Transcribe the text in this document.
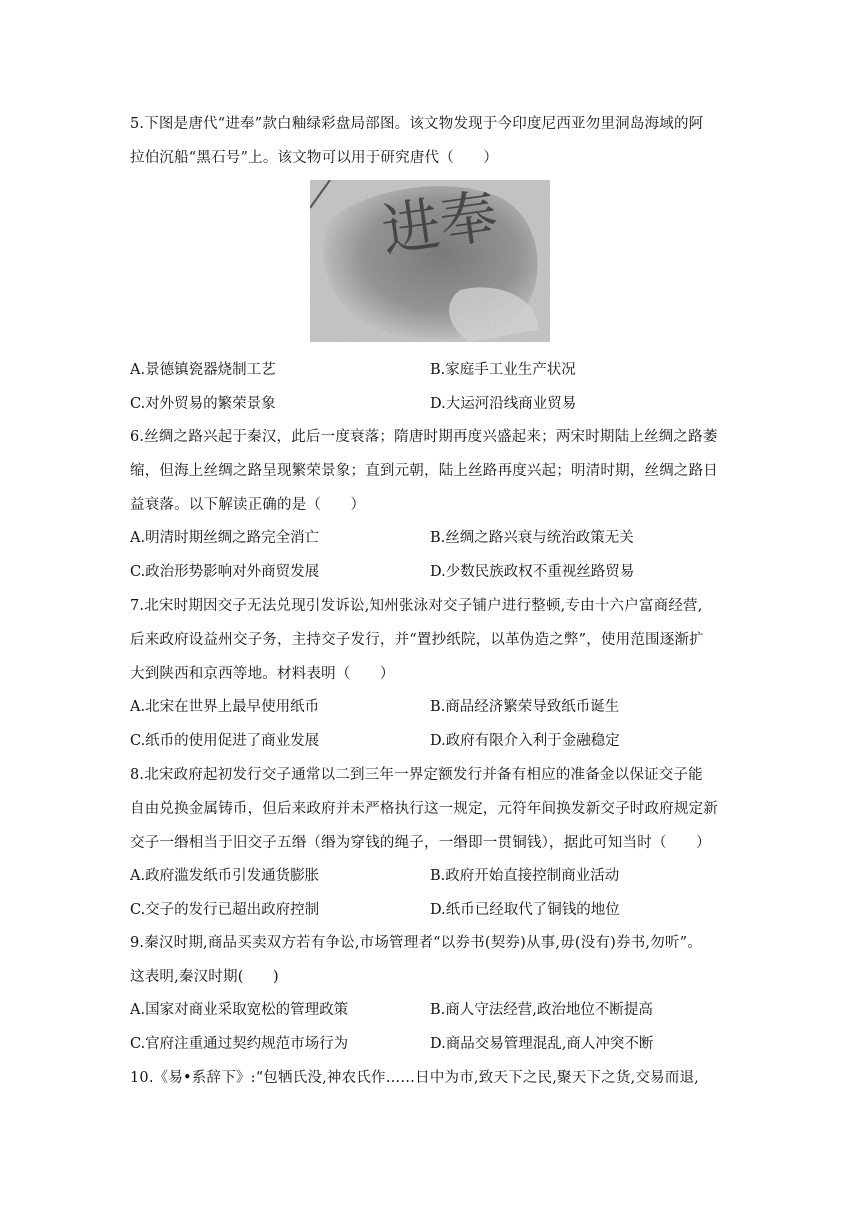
5.下图是唐代“进奉”款白釉绿彩盘局部图。该文物发现于今印度尼西亚勿里洞岛海域的阿
拉伯沉船“黑石号”上。该文物可以用于研究唐代（　　）
进奉
A.景德镇瓷器烧制工艺	B.家庭手工业生产状况
C.对外贸易的繁荣景象	D.大运河沿线商业贸易
6.丝绸之路兴起于秦汉，此后一度衰落；隋唐时期再度兴盛起来；两宋时期陆上丝绸之路萎
缩，但海上丝绸之路呈现繁荣景象；直到元朝，陆上丝路再度兴起；明清时期，丝绸之路日
益衰落。以下解读正确的是（　　）
A.明清时期丝绸之路完全消亡	B.丝绸之路兴衰与统治政策无关
C.政治形势影响对外商贸发展	D.少数民族政权不重视丝路贸易
7.北宋时期因交子无法兑现引发诉讼,知州张泳对交子铺户进行整顿,专由十六户富商经营,
后来政府设益州交子务，主持交子发行，并“置抄纸院，以革伪造之弊”，使用范围逐渐扩
大到陕西和京西等地。材料表明（　　）
A.北宋在世界上最早使用纸币	B.商品经济繁荣导致纸币诞生
C.纸币的使用促进了商业发展	D.政府有限介入利于金融稳定
8.北宋政府起初发行交子通常以二到三年一界定额发行并备有相应的准备金以保证交子能
自由兑换金属铸币，但后来政府并未严格执行这一规定，元符年间换发新交子时政府规定新
交子一缗相当于旧交子五缗（缗为穿钱的绳子，一缗即一贯铜钱），据此可知当时（　　）
A.政府滥发纸币引发通货膨胀	B.政府开始直接控制商业活动
C.交子的发行已超出政府控制	D.纸币已经取代了铜钱的地位
9.秦汉时期,商品买卖双方若有争讼,市场管理者“以券书(契券)从事,毋(没有)券书,勿听”。
这表明,秦汉时期(　　)
A.国家对商业采取宽松的管理政策	B.商人守法经营,政治地位不断提高
C.官府注重通过契约规范市场行为	D.商品交易管理混乱,商人冲突不断
10.《易•系辞下》:“包牺氏没,神农氏作……日中为市,致天下之民,聚天下之货,交易而退,
